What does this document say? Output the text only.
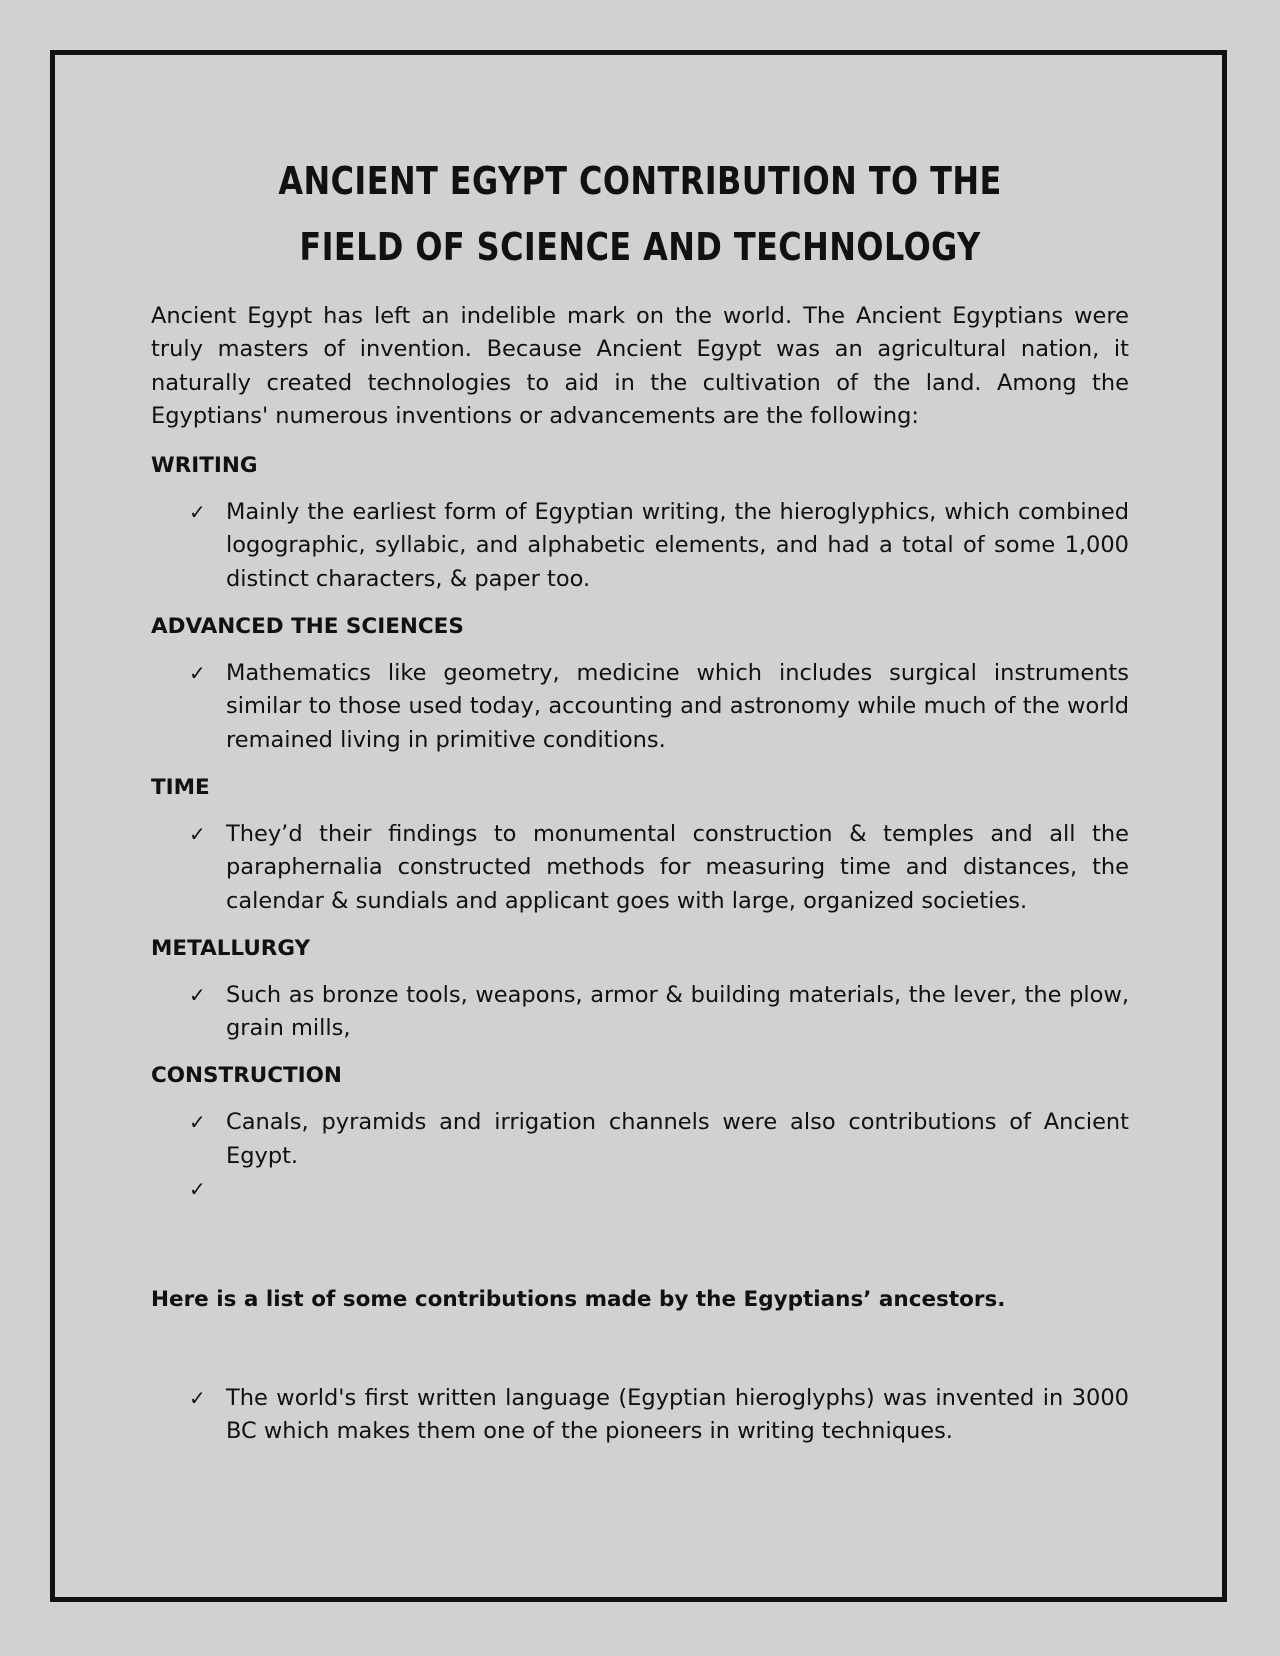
ANCIENT EGYPT CONTRIBUTION TO THE FIELD OF SCIENCE AND TECHNOLOGY

Ancient Egypt has left an indelible mark on the world. The Ancient Egyptians were truly masters of invention. Because Ancient Egypt was an agricultural nation, it naturally created technologies to aid in the cultivation of the land. Among the Egyptians' numerous inventions or advancements are the following:

WRITING
✓ Mainly the earliest form of Egyptian writing, the hieroglyphics, which combined logographic, syllabic, and alphabetic elements, and had a total of some 1,000 distinct characters, & paper too.
ADVANCED THE SCIENCES
✓ Mathematics like geometry, medicine which includes surgical instruments similar to those used today, accounting and astronomy while much of the world remained living in primitive conditions.
TIME
✓ They’d their findings to monumental construction & temples and all the paraphernalia constructed methods for measuring time and distances, the calendar & sundials and applicant goes with large, organized societies.
METALLURGY
✓ Such as bronze tools, weapons, armor & building materials, the lever, the plow, grain mills,
CONSTRUCTION
✓ Canals, pyramids and irrigation channels were also contributions of Ancient Egypt.

✓

Here is a list of some contributions made by the Egyptians’ ancestors.

✓ The world's first written language (Egyptian hieroglyphs) was invented in 3000 BC which makes them one of the pioneers in writing techniques.
